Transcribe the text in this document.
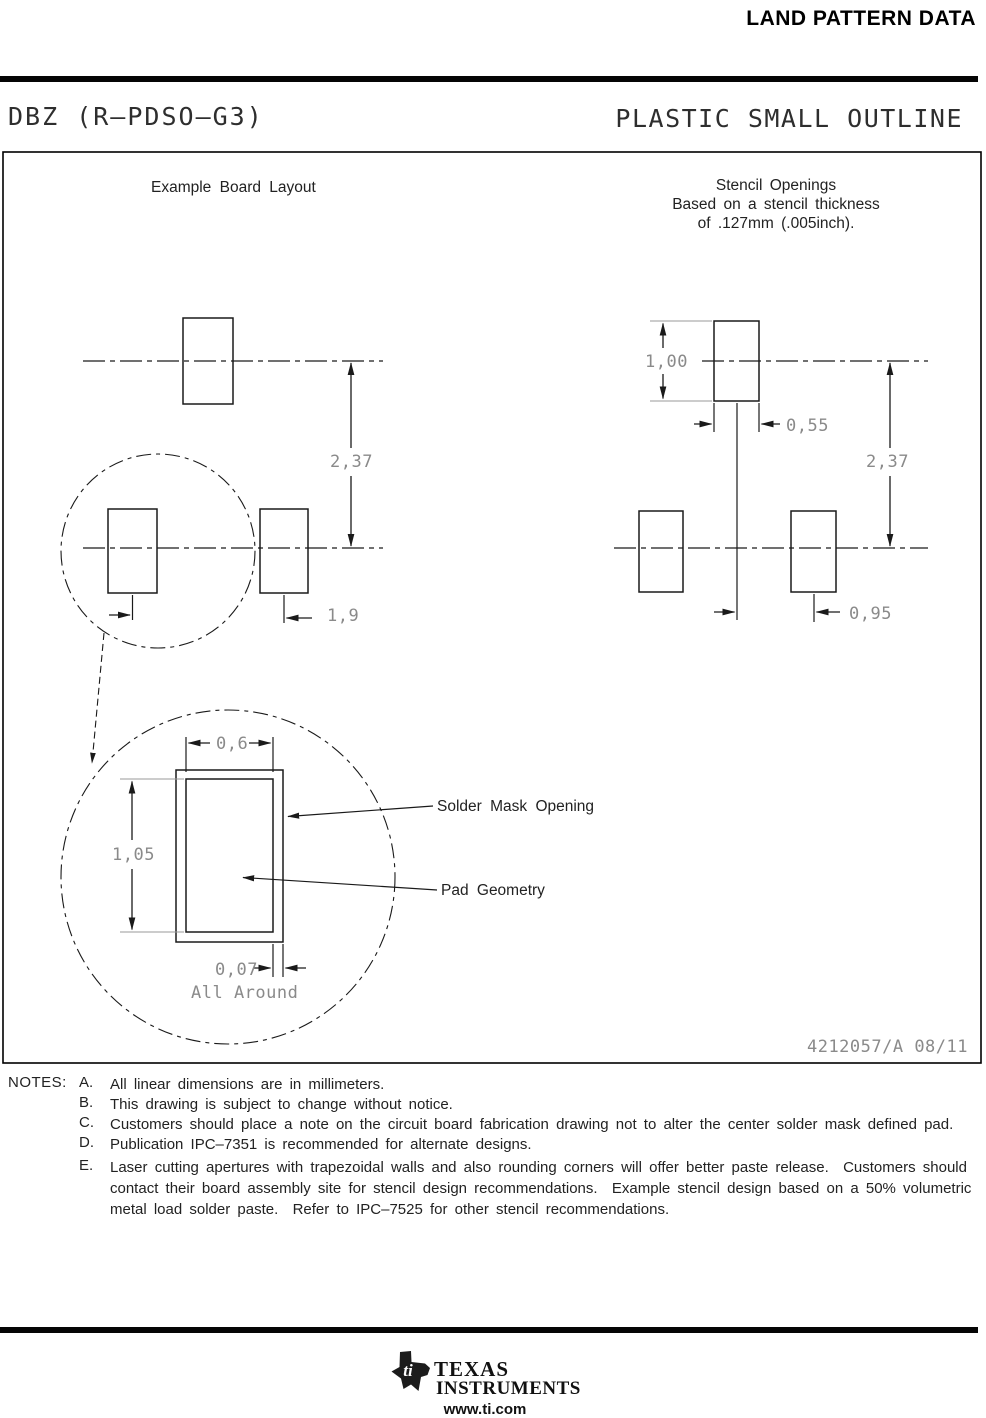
LAND PATTERN DATA
DBZ (R–PDSO–G3)	PLASTIC SMALL OUTLINE
Example Board Layout	Stencil Openings
Based on a stencil thickness
of .127mm (.005inch).
2,37
1,9
1,00
0,55
2,37
0,95
0,6
1,05
0,07
All Around
Solder Mask Opening
Pad Geometry
4212057/A 08/11
NOTES: A.	All linear dimensions are in millimeters.
B.	This drawing is subject to change without notice.
C.	Customers should place a note on the circuit board fabrication drawing not to alter the center solder mask defined pad.
D.	Publication IPC–7351 is recommended for alternate designs.
E.	Laser cutting apertures with trapezoidal walls and also rounding corners will offer better paste release.  Customers should contact their board assembly site for stencil design recommendations.  Example stencil design based on a 50% volumetric metal load solder paste.  Refer to IPC–7525 for other stencil recommendations.
ti TEXAS
INSTRUMENTS
www.ti.com
